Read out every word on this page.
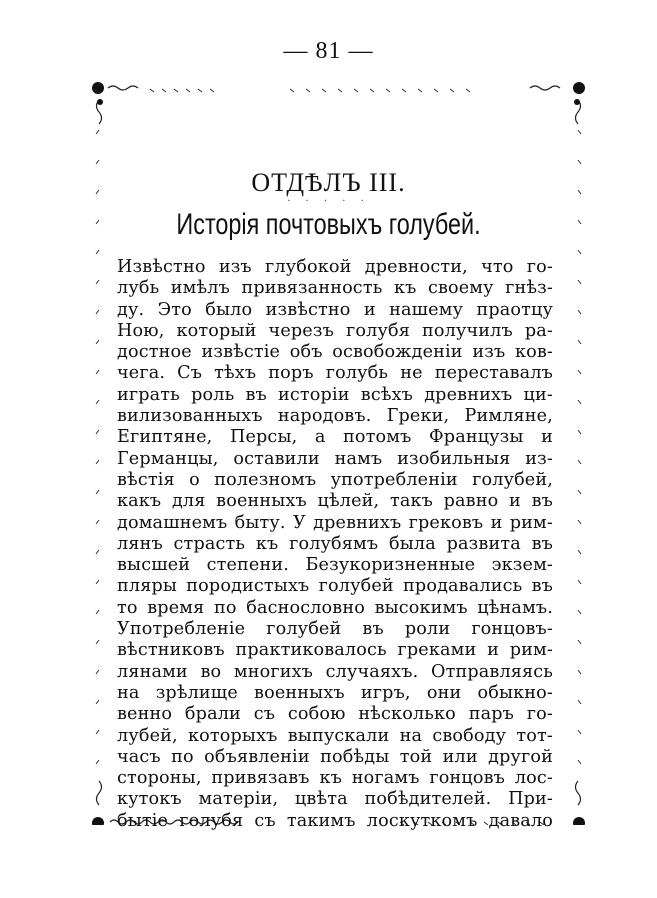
— 81 —
ОТДѢЛЪ III.
· · · · ·
Исторія почтовыхъ голубей.
Извѣстно изъ глубокой древности, что го-
лубь имѣлъ привязанность къ своему гнѣз-
ду. Это было извѣстно и нашему праотцу
Ною, который черезъ голубя получилъ ра-
достное извѣстіе объ освобожденіи изъ ков-
чега. Съ тѣхъ поръ голубь не переставалъ
играть роль въ исторіи всѣхъ древнихъ ци-
вилизованныхъ народовъ. Греки, Римляне,
Египтяне, Персы, а потомъ Французы и
Германцы, оставили намъ изобильныя из-
вѣстія о полезномъ употребленіи голубей,
какъ для военныхъ цѣлей, такъ равно и въ
домашнемъ быту. У древнихъ грековъ и рим-
лянъ страсть къ голубямъ была развита въ
высшей степени. Безукоризненные экзем-
пляры породистыхъ голубей продавались въ
то время по баснословно высокимъ цѣнамъ.
Употребленіе голубей въ роли гонцовъ-
вѣстниковъ практиковалось греками и рим-
лянами во многихъ случаяхъ. Отправляясь
на зрѣлище военныхъ игръ, они обыкно-
венно брали съ собою нѣсколько паръ го-
лубей, которыхъ выпускали на свободу тот-
часъ по объявленіи побѣды той или другой
стороны, привязавъ къ ногамъ гонцовъ лос-
кутокъ матеріи, цвѣта побѣдителей. При-
бытіе голубя съ такимъ лоскуткомъ давало
